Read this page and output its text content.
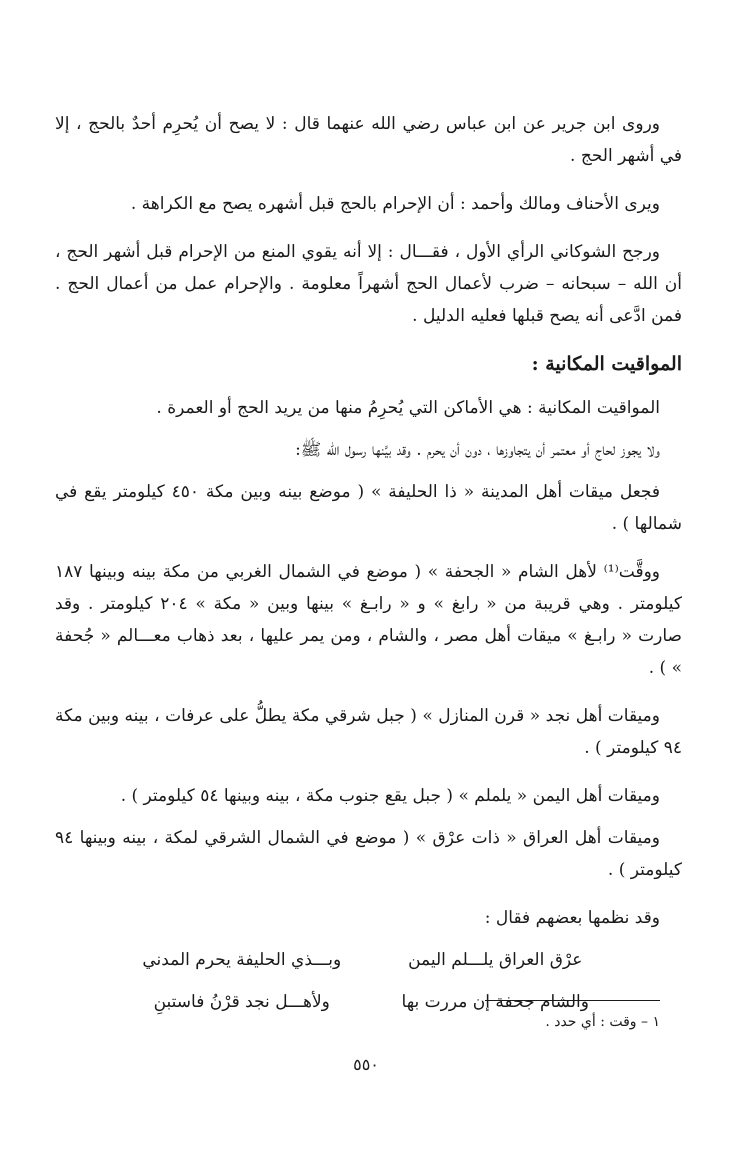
وروى ابن جرير عن ابن عباس رضي الله عنهما قال : لا يصح أن يُحرِم أحدٌ بالحج ، إلا في أشهر الحج .

ويرى الأحناف ومالك وأحمد : أن الإحرام بالحج قبل أشهره يصح مع الكراهة .

ورجح الشوكاني الرأي الأول ، فقـــال : إلا أنه يقوي المنع من الإحرام قبل أشهر الحج ، أن الله – سبحانه – ضرب لأعمال الحج أشهراً معلومة . والإحرام عمل من أعمال الحج . فمن ادَّعى أنه يصح قبلها فعليه الدليل .

المواقيت المكانية :

المواقيت المكانية : هي الأماكن التي يُحرِمُ منها من يريد الحج أو العمرة .

ولا يجوز لحاج أو معتمر أن يتجاوزها ، دون أن يحرم . وقد بيَّنها رسول الله ﷺ:

فجعل ميقات أهل المدينة « ذا الحليفة » ( موضع بينه وبين مكة ٤٥٠ كيلومتر يقع في شمالها ) .

ووقَّت⁽¹⁾ لأهل الشام « الجحفة » ( موضع في الشمال الغربي من مكة بينه وبينها ١٨٧ كيلومتر . وهي قريبة من « رابغ » و « رابـغ » بينها وبين « مكة » ٢٠٤ كيلومتر . وقد صارت « رابـغ » ميقات أهل مصر ، والشام ، ومن يمر عليها ، بعد ذهاب معـــالم « جُحفة » ) .

وميقات أهل نجد « قرن المنازل » ( جبل شرقي مكة يطلُّ على عرفات ، بينه وبين مكة ٩٤ كيلومتر ) .

وميقات أهل اليمن « يلملم » ( جبل يقع جنوب مكة ، بينه وبينها ٥٤ كيلومتر ) .

وميقات أهل العراق « ذات عرْق » ( موضع في الشمال الشرقي لمكة ، بينه وبينها ٩٤ كيلومتر ) .

وقد نظمها بعضهم فقال :

عرْق العراق يلـــلم اليمن
وبـــذي الحليفة يحرم المدني
والشام جحفة إن مررت بها
ولأهـــل نجد قرْنُ فاستبنِ
١ – وقت : أي حدد .
٥٥٠
